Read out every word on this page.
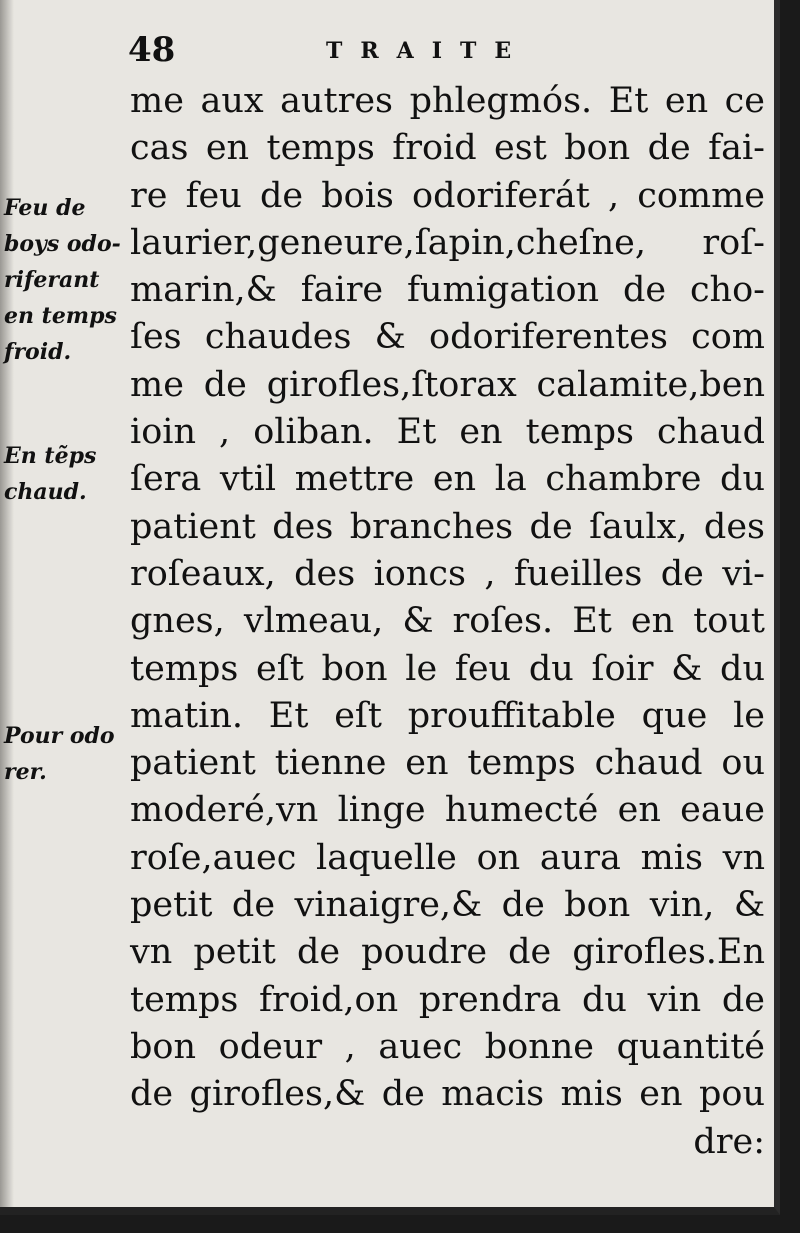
48	TRAITE
Feu de
boys odo-
riferant
en temps
froid.
En tẽps
chaud.
Pour odo
rer.
me aux autres phlegmós. Et en ce
cas en temps froid est bon de fai-
re feu de bois odoriferát , comme
laurier,geneure,ſapin,cheſne, roſ-
marin,& faire fumigation de cho-
ſes chaudes & odoriferentes com
me de girofles,ſtorax calamite,ben
ioin , oliban. Et en temps chaud
ſera vtil mettre en la chambre du
patient des branches de ſaulx, des
roſeaux, des ioncs , fueilles de vi-
gnes, vlmeau, & roſes. Et en tout
temps eſt bon le feu du ſoir & du
matin. Et eſt prouffitable que le
patient tienne en temps chaud ou
moderé,vn linge humecté en eaue
roſe,auec laquelle on aura mis vn
petit de vinaigre,& de bon vin, &
vn petit de poudre de girofles.En
temps froid,on prendra du vin de
bon odeur , auec bonne quantité
de girofles,& de macis mis en pou
dre:
